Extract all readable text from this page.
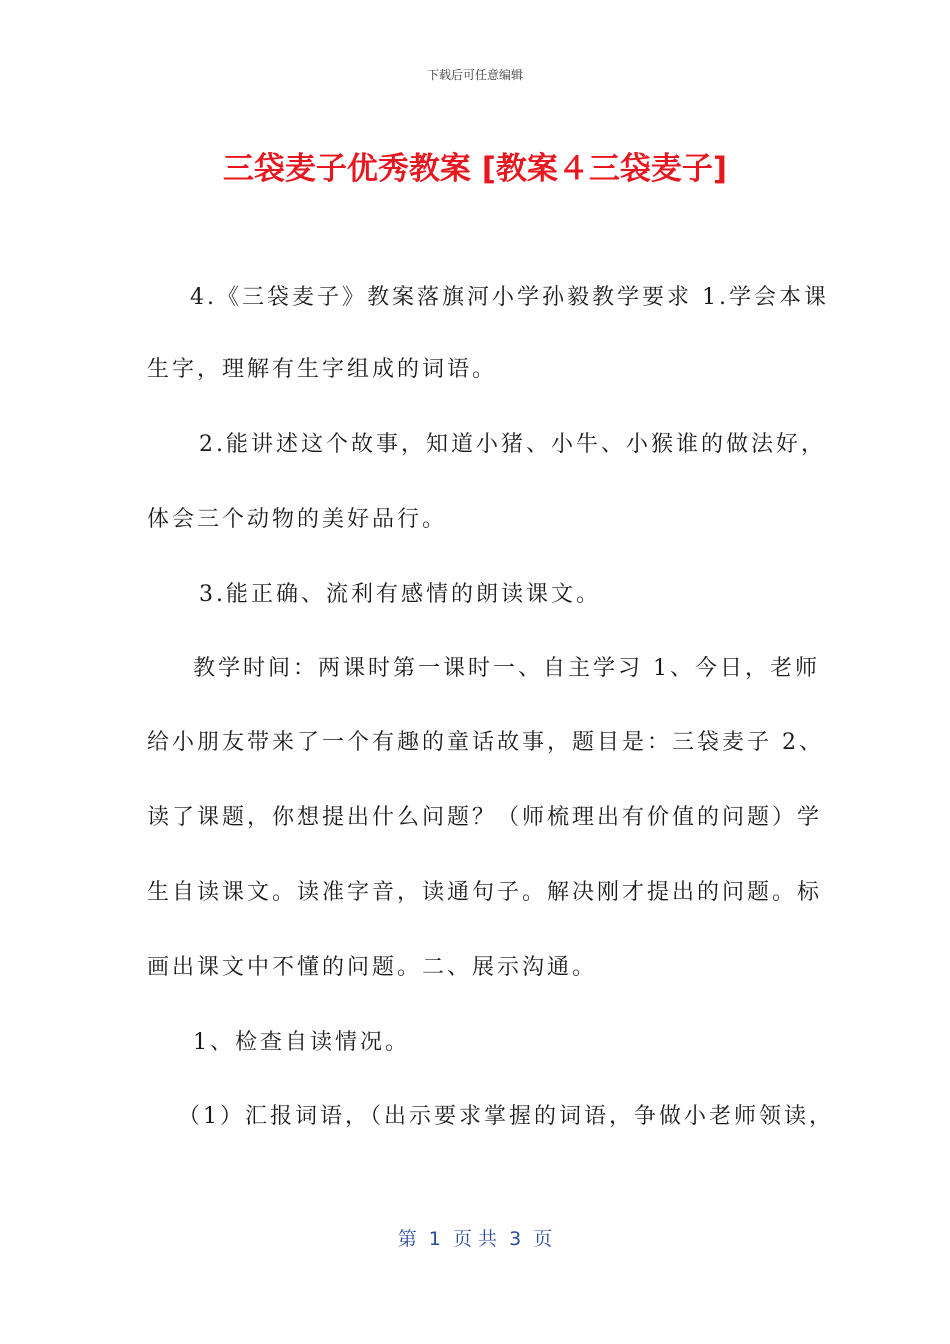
下载后可任意编辑
三袋麦子优秀教案 [教案４三袋麦子]
4.《三袋麦子》教案落旗河小学孙毅教学要求 1.学会本课
生字，理解有生字组成的词语。
2.能讲述这个故事，知道小猪、小牛、小猴谁的做法好，
体会三个动物的美好品行。
3.能正确、流利有感情的朗读课文。
教学时间：两课时第一课时一、自主学习 1、今日，老师
给小朋友带来了一个有趣的童话故事，题目是：三袋麦子 2、
读了课题，你想提出什么问题？（师梳理出有价值的问题）学
生自读课文。读准字音，读通句子。解决刚才提出的问题。标
画出课文中不懂的问题。二、展示沟通。
1、检查自读情况。
（1）汇报词语，（出示要求掌握的词语，争做小老师领读，
第  1  页 共  3  页
